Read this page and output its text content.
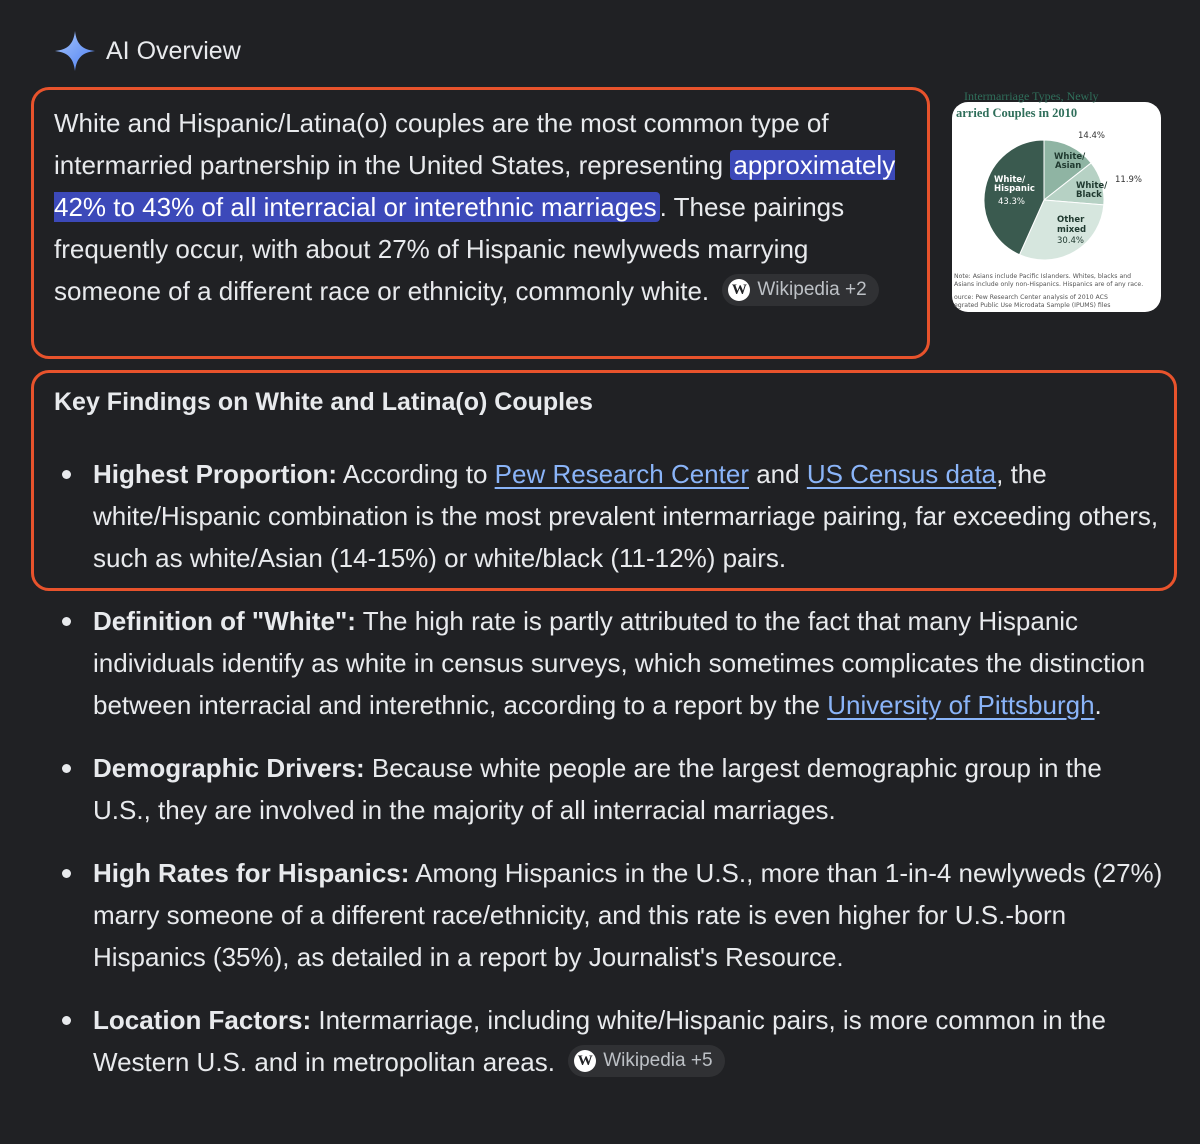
AI Overview

White and Hispanic/Latina(o) couples are the most common type of intermarried partnership in the United States, representing approximately 42% to 43% of all interracial or interethnic marriages . These pairings frequently occur, with about 27% of Hispanic newlyweds marrying someone of a different race or ethnicity, commonly white. W Wikipedia +2

Intermarriage Types, Newly
arried Couples in 2010
White/
Hispanic
43.3%
White/
Asian
14.4%
White/
Black
11.9%
Other
mixed
30.4%
Note: Asians include Pacific Islanders. Whites, blacks and
Asians include only non-Hispanics. Hispanics are of any race.
ource: Pew Research Center analysis of 2010 ACS
egrated Public Use Microdata Sample (IPUMS) files
Key Findings on White and Latina(o) Couples
Highest Proportion: According to Pew Research Center and US Census data, the white/Hispanic combination is the most prevalent intermarriage pairing, far exceeding others, such as white/Asian (14-15%) or white/black (11-12%) pairs.
Definition of "White": The high rate is partly attributed to the fact that many Hispanic individuals identify as white in census surveys, which sometimes complicates the distinction between interracial and interethnic, according to a report by the University of Pittsburgh.
Demographic Drivers: Because white people are the largest demographic group in the U.S., they are involved in the majority of all interracial marriages.
High Rates for Hispanics: Among Hispanics in the U.S., more than 1-in-4 newlyweds (27%) marry someone of a different race/ethnicity, and this rate is even higher for U.S.-born Hispanics (35%), as detailed in a report by Journalist's Resource.
Location Factors: Intermarriage, including white/Hispanic pairs, is more common in the Western U.S. and in metropolitan areas. W Wikipedia +5
